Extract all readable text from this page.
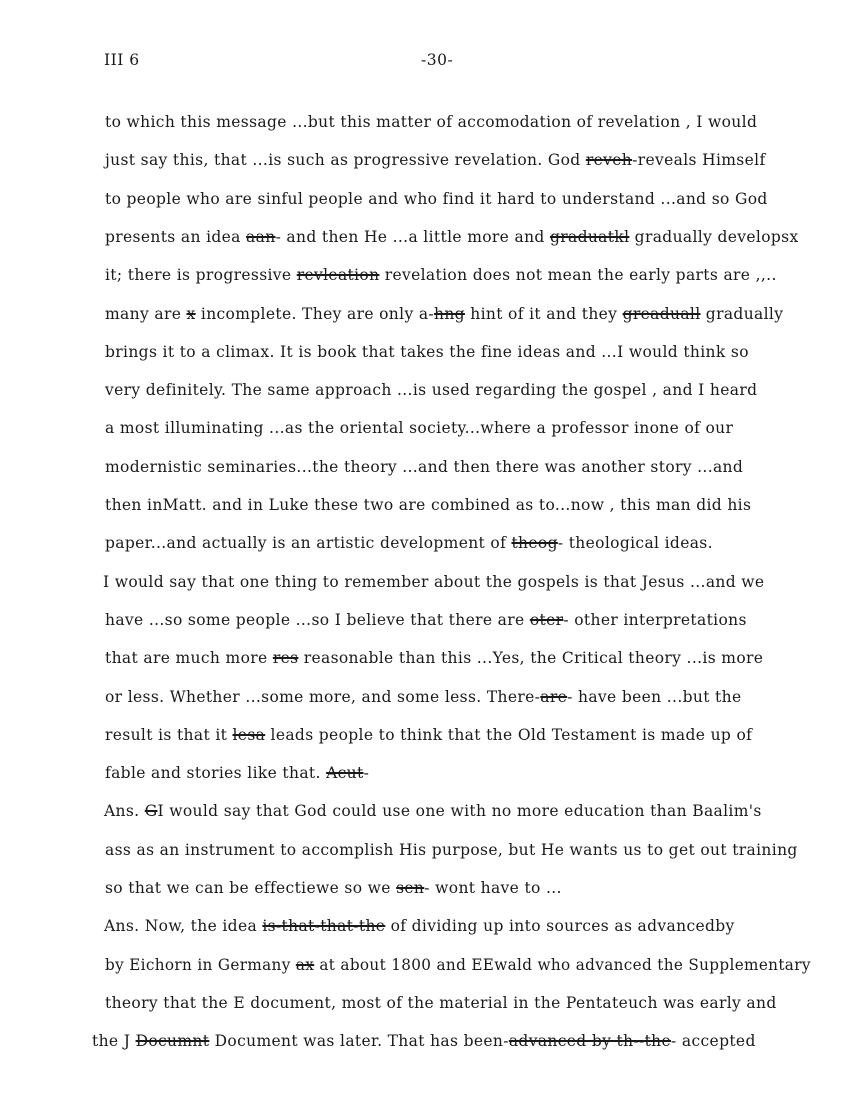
III 6	-30-
to which this message ...but this matter of accomodation of revelation , I would
just say this, that ...is such as progressive revelation. God reveh-reveals Himself
to people who are sinful people and who find it hard to understand ...and so God
presents an idea aan- and then He ...a little more and graduatkl gradually developsx
it; there is progressive revleation revelation does not mean the early parts are ,,..
many are x incomplete. They are only a-hng hint of it and they greaduall gradually
brings it to a climax. It is book that takes the fine ideas and ...I would think so
very definitely. The same approach ...is used regarding the gospel , and I heard
a most illuminating ...as the oriental society...where a professor inone of our
modernistic seminaries...the theory ...and then there was another story ...and
then inMatt. and in Luke these two are combined as to...now , this man did his
paper...and actually is an artistic development of theog- theological ideas.
I would say that one thing to remember about the gospels is that Jesus ...and we
have ...so some people ...so I believe that there are oter- other interpretations
that are much more res reasonable than this ...Yes, the Critical theory ...is more
or less. Whether ...some more, and some less. There-are- have been ...but the
result is that it lesa leads people to think that the Old Testament is made up of
fable and stories like that. Acut-
Ans. GI would say that God could use one with no more education than Baalim's
ass as an instrument to accomplish His purpose, but He wants us to get out training
so that we can be effectiewe so we sen- wont have to ...
Ans. Now, the idea is-that-that-the of dividing up into sources as advancedby
by Eichorn in Germany ax at about 1800 and EEwald who advanced the Supplementary
theory that the E document, most of the material in the Pentateuch was early and
the J Documnt Document was later. That has been-advanced by th--the- accepted
